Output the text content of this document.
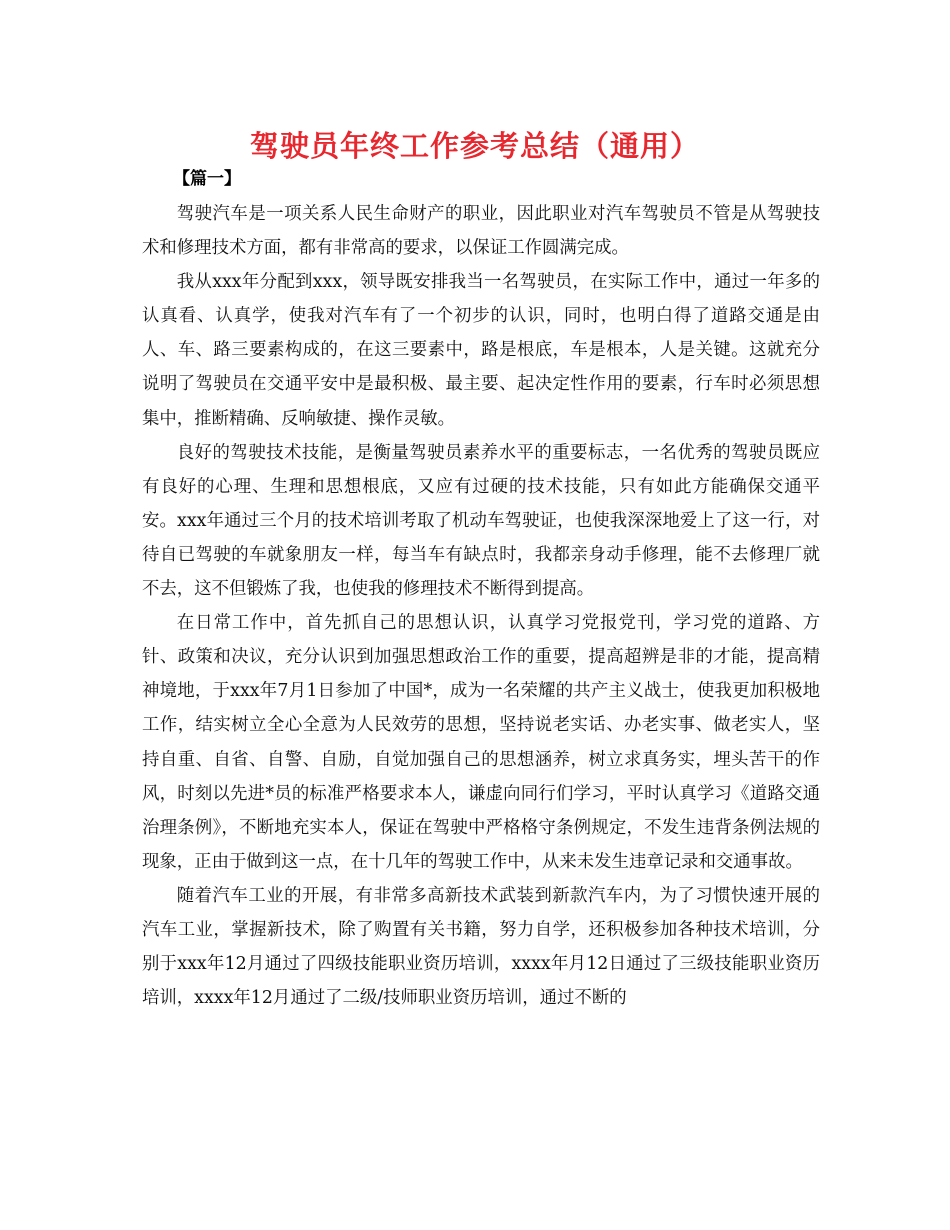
驾驶员年终工作参考总结（通用）
【篇一】

驾驶汽车是一项关系人民生命财产的职业，因此职业对汽车驾驶员不管是从驾驶技术和修理技术方面，都有非常高的要求，以保证工作圆满完成。

我从xxx年分配到xxx，领导既安排我当一名驾驶员，在实际工作中，通过一年多的认真看、认真学，使我对汽车有了一个初步的认识，同时，也明白得了道路交通是由人、车、路三要素构成的，在这三要素中，路是根底，车是根本，人是关键。这就充分说明了驾驶员在交通平安中是最积极、最主要、起决定性作用的要素，行车时必须思想集中，推断精确、反响敏捷、操作灵敏。

良好的驾驶技术技能，是衡量驾驶员素养水平的重要标志，一名优秀的驾驶员既应有良好的心理、生理和思想根底，又应有过硬的技术技能，只有如此方能确保交通平安。xxx年通过三个月的技术培训考取了机动车驾驶证，也使我深深地爱上了这一行，对待自已驾驶的车就象朋友一样，每当车有缺点时，我都亲身动手修理，能不去修理厂就不去，这不但锻炼了我，也使我的修理技术不断得到提高。

在日常工作中，首先抓自己的思想认识，认真学习党报党刊，学习党的道路、方针、政策和决议，充分认识到加强思想政治工作的重要，提高超辨是非的才能，提高精神境地，于xxx年7月1日参加了中国*，成为一名荣耀的共产主义战士，使我更加积极地工作，结实树立全心全意为人民效劳的思想，坚持说老实话、办老实事、做老实人，坚持自重、自省、自警、自励，自觉加强自己的思想涵养，树立求真务实，埋头苦干的作风，时刻以先进*员的标准严格要求本人，谦虚向同行们学习，平时认真学习《道路交通治理条例》，不断地充实本人，保证在驾驶中严格格守条例规定，不发生违背条例法规的现象，正由于做到这一点，在十几年的驾驶工作中，从来未发生违章记录和交通事故。

随着汽车工业的开展，有非常多高新技术武装到新款汽车内，为了习惯快速开展的汽车工业，掌握新技术，除了购置有关书籍，努力自学，还积极参加各种技术培训，分别于xxx年12月通过了四级技能职业资历培训，xxxx年月12日通过了三级技能职业资历培训，xxxx年12月通过了二级/技师职业资历培训，通过不断的
